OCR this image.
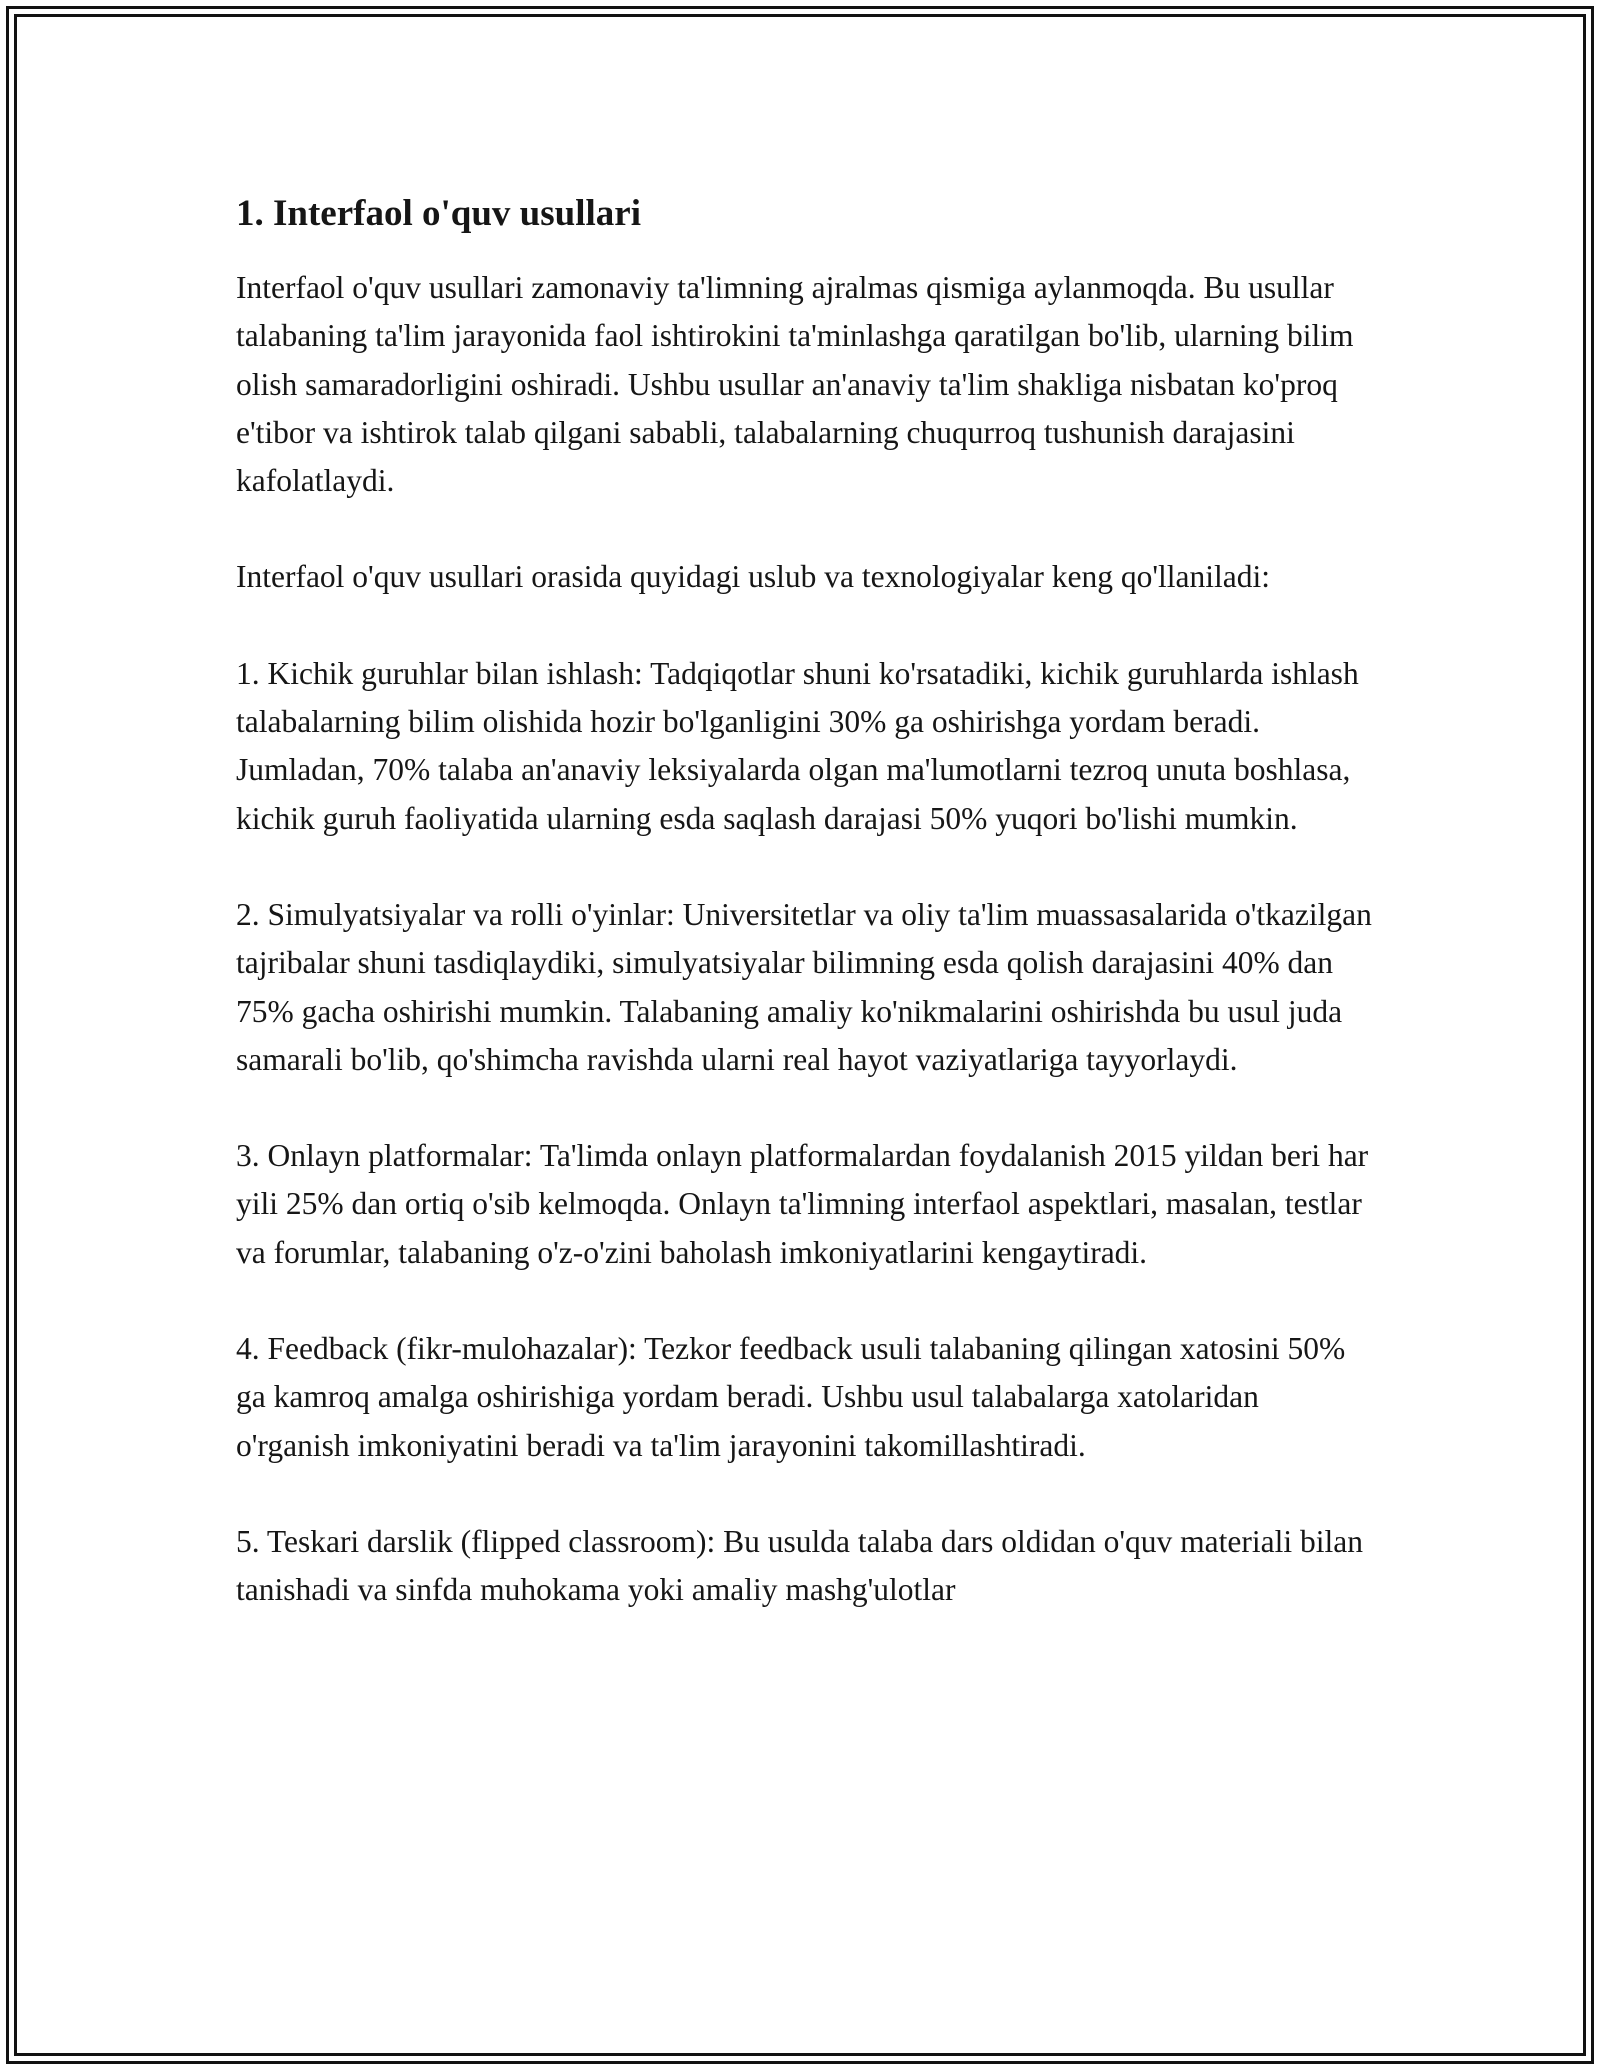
1. Interfaol o'quv usullari

Interfaol o'quv usullari zamonaviy ta'limning ajralmas qismiga aylanmoqda. Bu usullar talabaning ta'lim jarayonida faol ishtirokini ta'minlashga qaratilgan bo'lib, ularning bilim olish samaradorligini oshiradi. Ushbu usullar an'anaviy ta'lim shakliga nisbatan ko'proq e'tibor va ishtirok talab qilgani sababli, talabalarning chuqurroq tushunish darajasini kafolatlaydi.

Interfaol o'quv usullari orasida quyidagi uslub va texnologiyalar keng qo'llaniladi:

1. Kichik guruhlar bilan ishlash: Tadqiqotlar shuni ko'rsatadiki, kichik guruhlarda ishlash talabalarning bilim olishida hozir bo'lganligini 30% ga oshirishga yordam beradi. Jumladan, 70% talaba an'anaviy leksiyalarda olgan ma'lumotlarni tezroq unuta boshlasa, kichik guruh faoliyatida ularning esda saqlash darajasi 50% yuqori bo'lishi mumkin.

2. Simulyatsiyalar va rolli o'yinlar: Universitetlar va oliy ta'lim muassasalarida o'tkazilgan tajribalar shuni tasdiqlaydiki, simulyatsiyalar bilimning esda qolish darajasini 40% dan 75% gacha oshirishi mumkin. Talabaning amaliy ko'nikmalarini oshirishda bu usul juda samarali bo'lib, qo'shimcha ravishda ularni real hayot vaziyatlariga tayyorlaydi.

3. Onlayn platformalar: Ta'limda onlayn platformalardan foydalanish 2015 yildan beri har yili 25% dan ortiq o'sib kelmoqda. Onlayn ta'limning interfaol aspektlari, masalan, testlar va forumlar, talabaning o'z-o'zini baholash imkoniyatlarini kengaytiradi.

4. Feedback (fikr-mulohazalar): Tezkor feedback usuli talabaning qilingan xatosini 50% ga kamroq amalga oshirishiga yordam beradi. Ushbu usul talabalarga xatolaridan o'rganish imkoniyatini beradi va ta'lim jarayonini takomillashtiradi.

5. Teskari darslik (flipped classroom): Bu usulda talaba dars oldidan o'quv materiali bilan tanishadi va sinfda muhokama yoki amaliy mashg'ulotlar
